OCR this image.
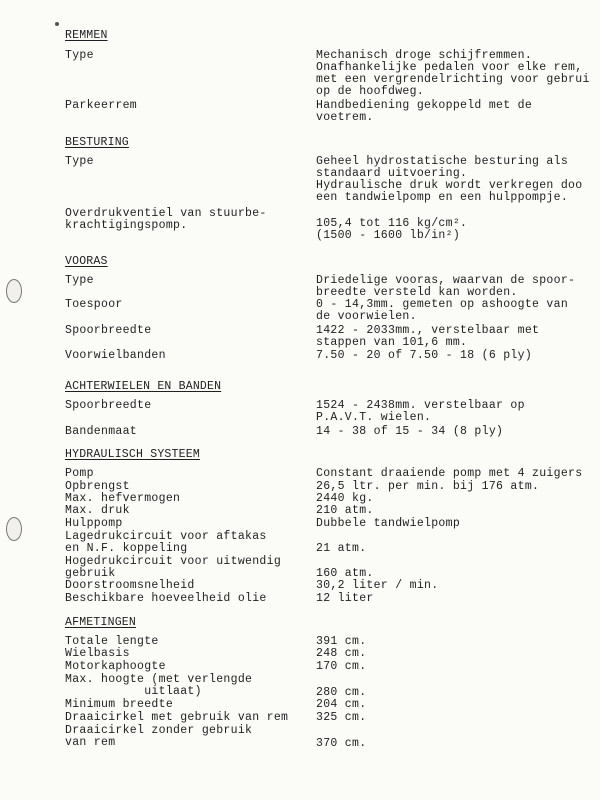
REMMEN
Type	Mechanisch droge schijfremmen.
Onafhankelijke pedalen voor elke rem,
met een vergrendelrichting voor gebrui
op de hoofdweg.
Parkeerrem	Handbediening gekoppeld met de
voetrem.
BESTURING
Type	Geheel hydrostatische besturing als
standaard uitvoering.
Hydraulische druk wordt verkregen doo
een tandwielpomp en een hulppompje.
Overdrukventiel van stuurbe-
krachtigingspomp.	105,4 tot 116 kg/cm².
(1500 - 1600 lb/in²)
VOORAS
Type	Driedelige vooras, waarvan de spoor-
breedte versteld kan worden.
Toespoor	0 - 14,3mm. gemeten op ashoogte van
de voorwielen.
Spoorbreedte	1422 - 2033mm., verstelbaar met
stappen van 101,6 mm.
Voorwielbanden	7.50 - 20 of 7.50 - 18 (6 ply)
ACHTERWIELEN EN BANDEN
Spoorbreedte	1524 - 2438mm. verstelbaar op
P.A.V.T. wielen.
Bandenmaat	14 - 38 of 15 - 34 (8 ply)
HYDRAULISCH SYSTEEM
Pomp	Constant draaiende pomp met 4 zuigers
Opbrengst	26,5 ltr. per min. bij 176 atm.
Max. hefvermogen	2440 kg.
Max. druk	210 atm.
Hulppomp	Dubbele tandwielpomp
Lagedrukcircuit voor aftakas
en N.F. koppeling	21 atm.
Hogedrukcircuit voor uitwendig
gebruik	160 atm.
Doorstroomsnelheid	30,2 liter / min.
Beschikbare hoeveelheid olie	12 liter
AFMETINGEN
Totale lengte	391 cm.
Wielbasis	248 cm.
Motorkaphoogte	170 cm.
Max. hoogte (met verlengde
uitlaat)	280 cm.
Minimum breedte	204 cm.
Draaicirkel met gebruik van rem 325 cm.
Draaicirkel zonder gebruik
van rem	370 cm.
